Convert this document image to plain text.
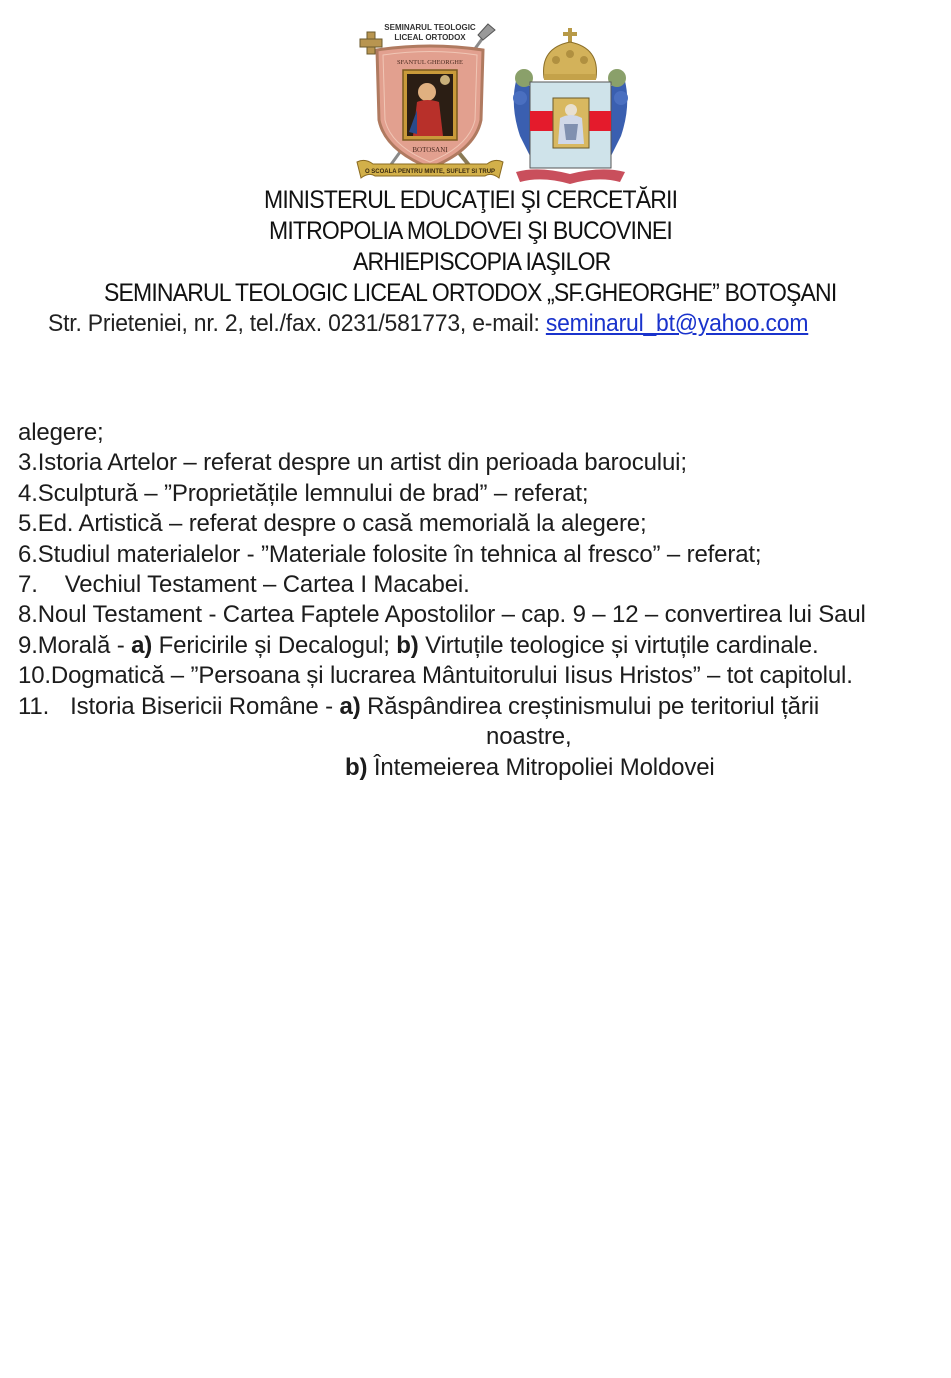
SEMINARUL TEOLOGIC
LICEAL ORTODOX
SFANTUL GHEORGHE
BOTOSANI
O SCOALA PENTRU MINTE, SUFLET SI TRUP
MINISTERUL EDUCAŢIEI ŞI CERCETĂRII
MITROPOLIA MOLDOVEI ŞI BUCOVINEI
ARHIEPISCOPIA IAŞILOR
SEMINARUL TEOLOGIC LICEAL ORTODOX „SF.GHEORGHE” BOTOŞANI
Str. Prieteniei, nr. 2, tel./fax. 0231/581773, e-mail: seminarul_bt@yahoo.com
alegere;
3.Istoria Artelor – referat despre un artist din perioada barocului;
4.Sculptură – ”Proprietățile lemnului de brad” – referat;
5.Ed. Artistică – referat despre o casă memorială la alegere;
6.Studiul materialelor - ”Materiale folosite în tehnica al fresco” – referat;
7. Vechiul Testament – Cartea I Macabei.
8.Noul Testament - Cartea Faptele Apostolilor – cap. 9 – 12 – convertirea lui Saul
9.Morală - a) Fericirile și Decalogul; b) Virtuțile teologice și virtuțile cardinale.
10.Dogmatică – ”Persoana și lucrarea Mântuitorului Iisus Hristos” – tot capitolul.
11. Istoria Bisericii Române - a) Răspândirea creștinismului pe teritoriul țării
noastre,
b) Întemeierea Mitropoliei Moldovei
